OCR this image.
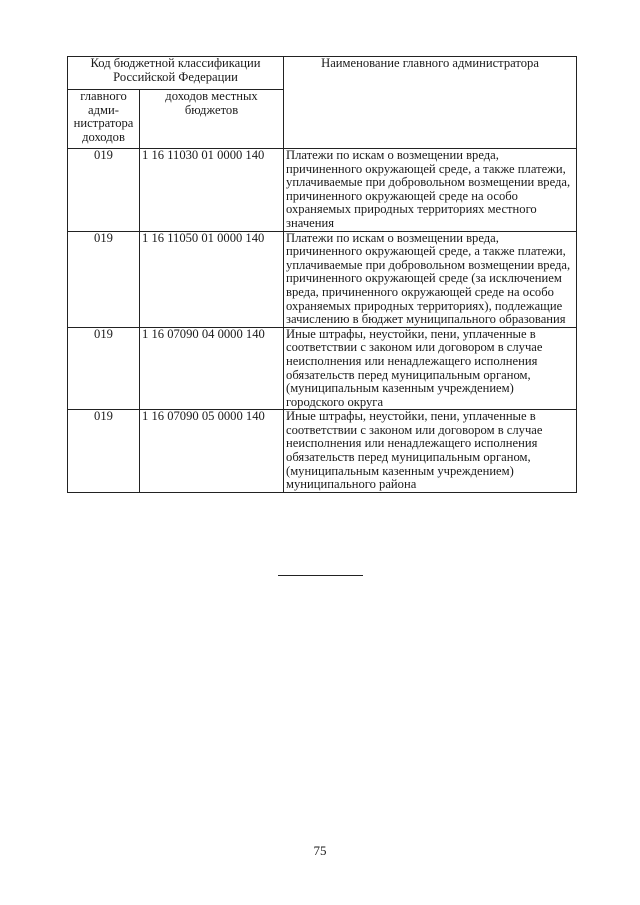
Код бюджетной классификации Российской Федерации		Наименование главного администратора
главного адми-нистратора доходов	доходов местных бюджетов	
019	1 16 11030 01 0000 140	Платежи по искам о возмещении вреда, причиненного окружающей среде, а также платежи, уплачиваемые при добровольном возмещении вреда, причиненного окружающей среде на особо охраняемых природных территориях местного значения
019	1 16 11050 01 0000 140	Платежи по искам о возмещении вреда, причиненного окружающей среде, а также платежи, уплачиваемые при добровольном возмещении вреда, причиненного окружающей среде (за исключением вреда, причиненного окружающей среде на особо охраняемых природных территориях), подлежащие зачислению в бюджет муниципального образования
019	1 16 07090 04 0000 140	Иные штрафы, неустойки, пени, уплаченные в соответствии с законом или договором в случае неисполнения или ненадлежащего исполнения обязательств перед муниципальным органом, (муниципальным казенным учреждением) городского округа
019	1 16 07090 05 0000 140	Иные штрафы, неустойки, пени, уплаченные в соответствии с законом или договором в случае неисполнения или ненадлежащего исполнения обязательств перед муниципальным органом, (муниципальным казенным учреждением) муниципального района
75
